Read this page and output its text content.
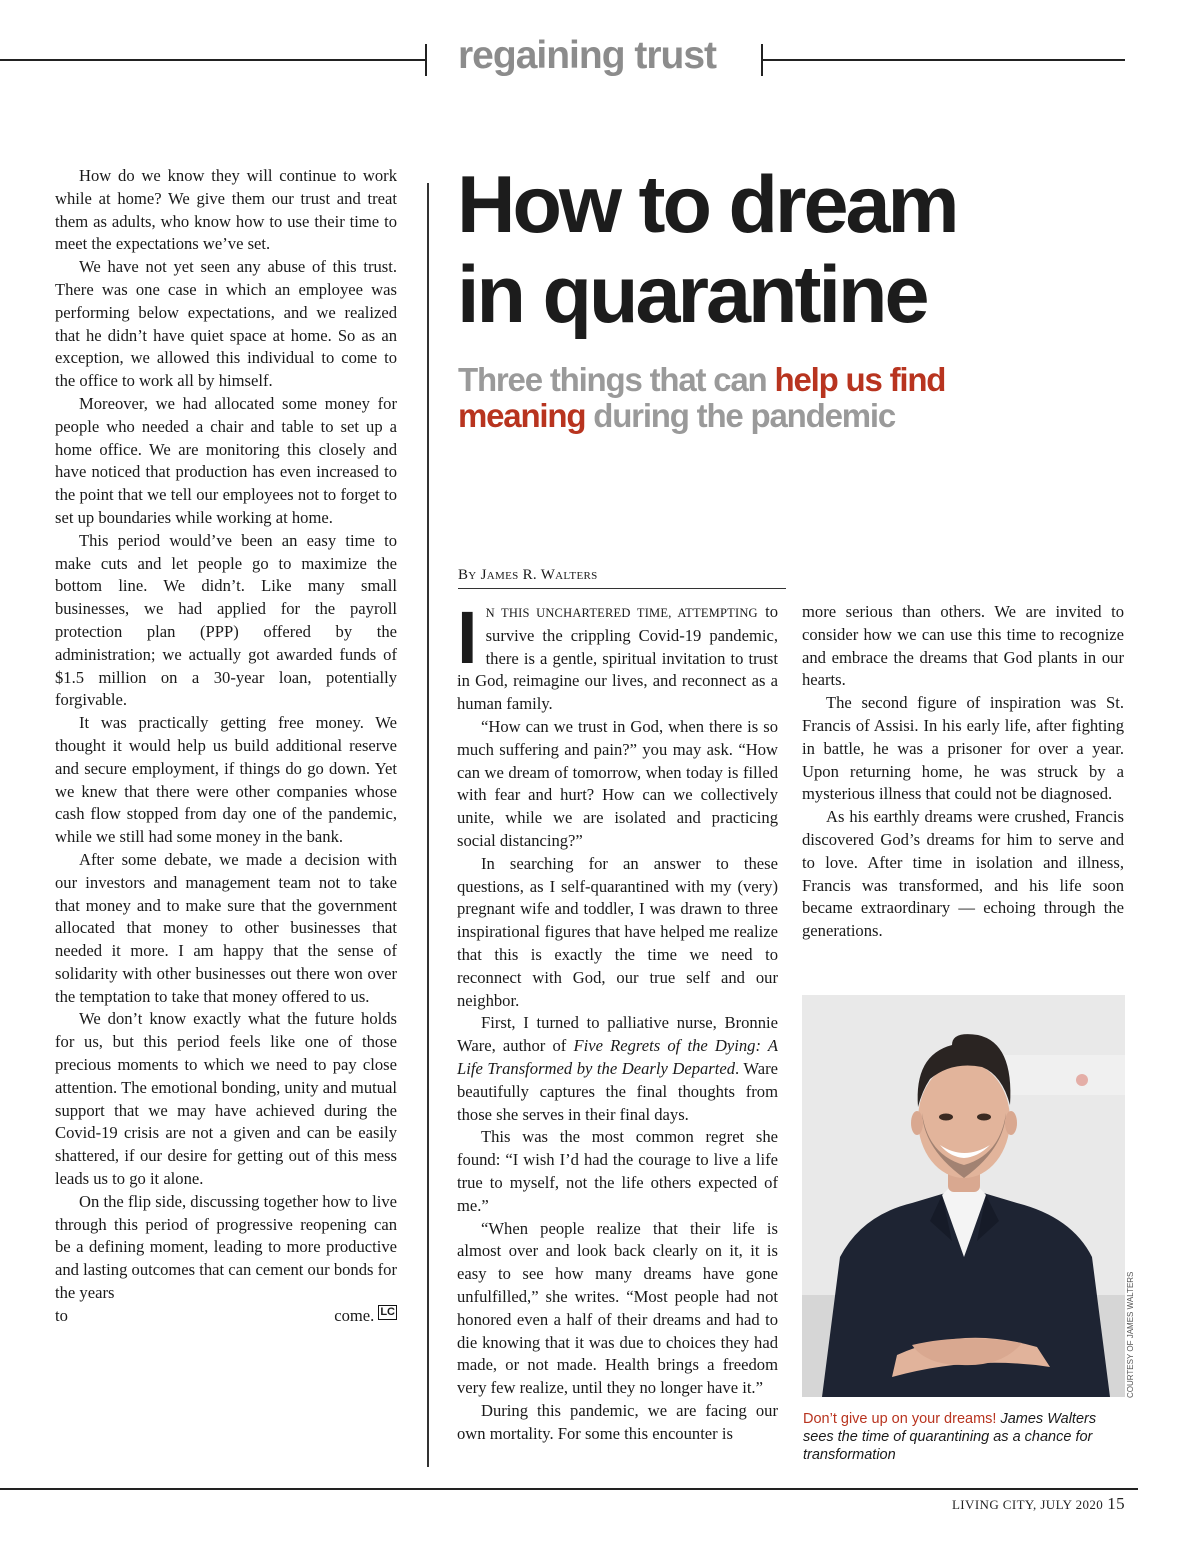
regaining trust

How do we know they will continue to work while at home? We give them our trust and treat them as adults, who know how to use their time to meet the expectations we’ve set.

We have not yet seen any abuse of this trust. There was one case in which an employee was performing below expectations, and we realized that he didn’t have quiet space at home. So as an exception, we allowed this individual to come to the office to work all by himself.

Moreover, we had allocated some money for people who needed a chair and table to set up a home office. We are monitoring this closely and have noticed that production has even increased to the point that we tell our employees not to forget to set up boundaries while working at home.

This period would’ve been an easy time to make cuts and let people go to maximize the bottom line. We didn’t. Like many small businesses, we had applied for the payroll protection plan (PPP) offered by the administration; we actually got awarded funds of $1.5 million on a 30-year loan, potentially forgivable.

It was practically getting free money. We thought it would help us build additional reserve and secure employment, if things do go down. Yet we knew that there were other companies whose cash flow stopped from day one of the pandemic, while we still had some money in the bank.

After some debate, we made a decision with our investors and management team not to take that money and to make sure that the government allocated that money to other businesses that needed it more. I am happy that the sense of solidarity with other businesses out there won over the temptation to take that money offered to us.

We don’t know exactly what the future holds for us, but this period feels like one of those precious moments to which we need to pay close attention. The emotional bonding, unity and mutual support that we may have achieved during the Covid-19 crisis are not a given and can be easily shattered, if our desire for getting out of this mess leads us to go it alone.

On the flip side, discussing together how to live through this period of progressive reopening can be a defining moment, leading to more productive and lasting outcomes that can cement our bonds for the years

to come. LC

How to dream
in quarantine
Three things that can help us find
meaning during the pandemic
By James R. Walters

IN THIS UNCHARTERED TIME, ATTEMPTING to survive the crippling Covid-19 pandemic, there is a gentle, spiritual invitation to trust in God, reimagine our lives, and reconnect as a human family.

“How can we trust in God, when there is so much suffering and pain?” you may ask. “How can we dream of tomorrow, when today is filled with fear and hurt? How can we collectively unite, while we are isolated and practicing social distancing?”

In searching for an answer to these questions, as I self-quarantined with my (very) pregnant wife and toddler, I was drawn to three inspirational figures that have helped me realize that this is exactly the time we need to reconnect with God, our true self and our neighbor.

First, I turned to palliative nurse, Bronnie Ware, author of Five Regrets of the Dying: A Life Transformed by the Dearly Departed. Ware beautifully captures the final thoughts from those she serves in their final days.

This was the most common regret she found: “I wish I’d had the courage to live a life true to myself, not the life others expected of me.”

“When people realize that their life is almost over and look back clearly on it, it is easy to see how many dreams have gone unfulfilled,” she writes. “Most people had not honored even a half of their dreams and had to die knowing that it was due to choices they had made, or not made. Health brings a freedom very few realize, until they no longer have it.”

During this pandemic, we are facing our own mortality. For some this encounter is

more serious than others. We are invited to consider how we can use this time to recognize and embrace the dreams that God plants in our hearts.

The second figure of inspiration was St. Francis of Assisi. In his early life, after fighting in battle, he was a prisoner for over a year. Upon returning home, he was struck by a mysterious illness that could not be diagnosed.

As his earthly dreams were crushed, Francis discovered God’s dreams for him to serve and to love. After time in isolation and illness, Francis was transformed, and his life soon became extraordinary — echoing through the generations.

COURTESY OF JAMES WALTERS
Don’t give up on your dreams! James Walters sees the time of quarantining as a chance for transformation
LIVING CITY, JULY 2020 15
